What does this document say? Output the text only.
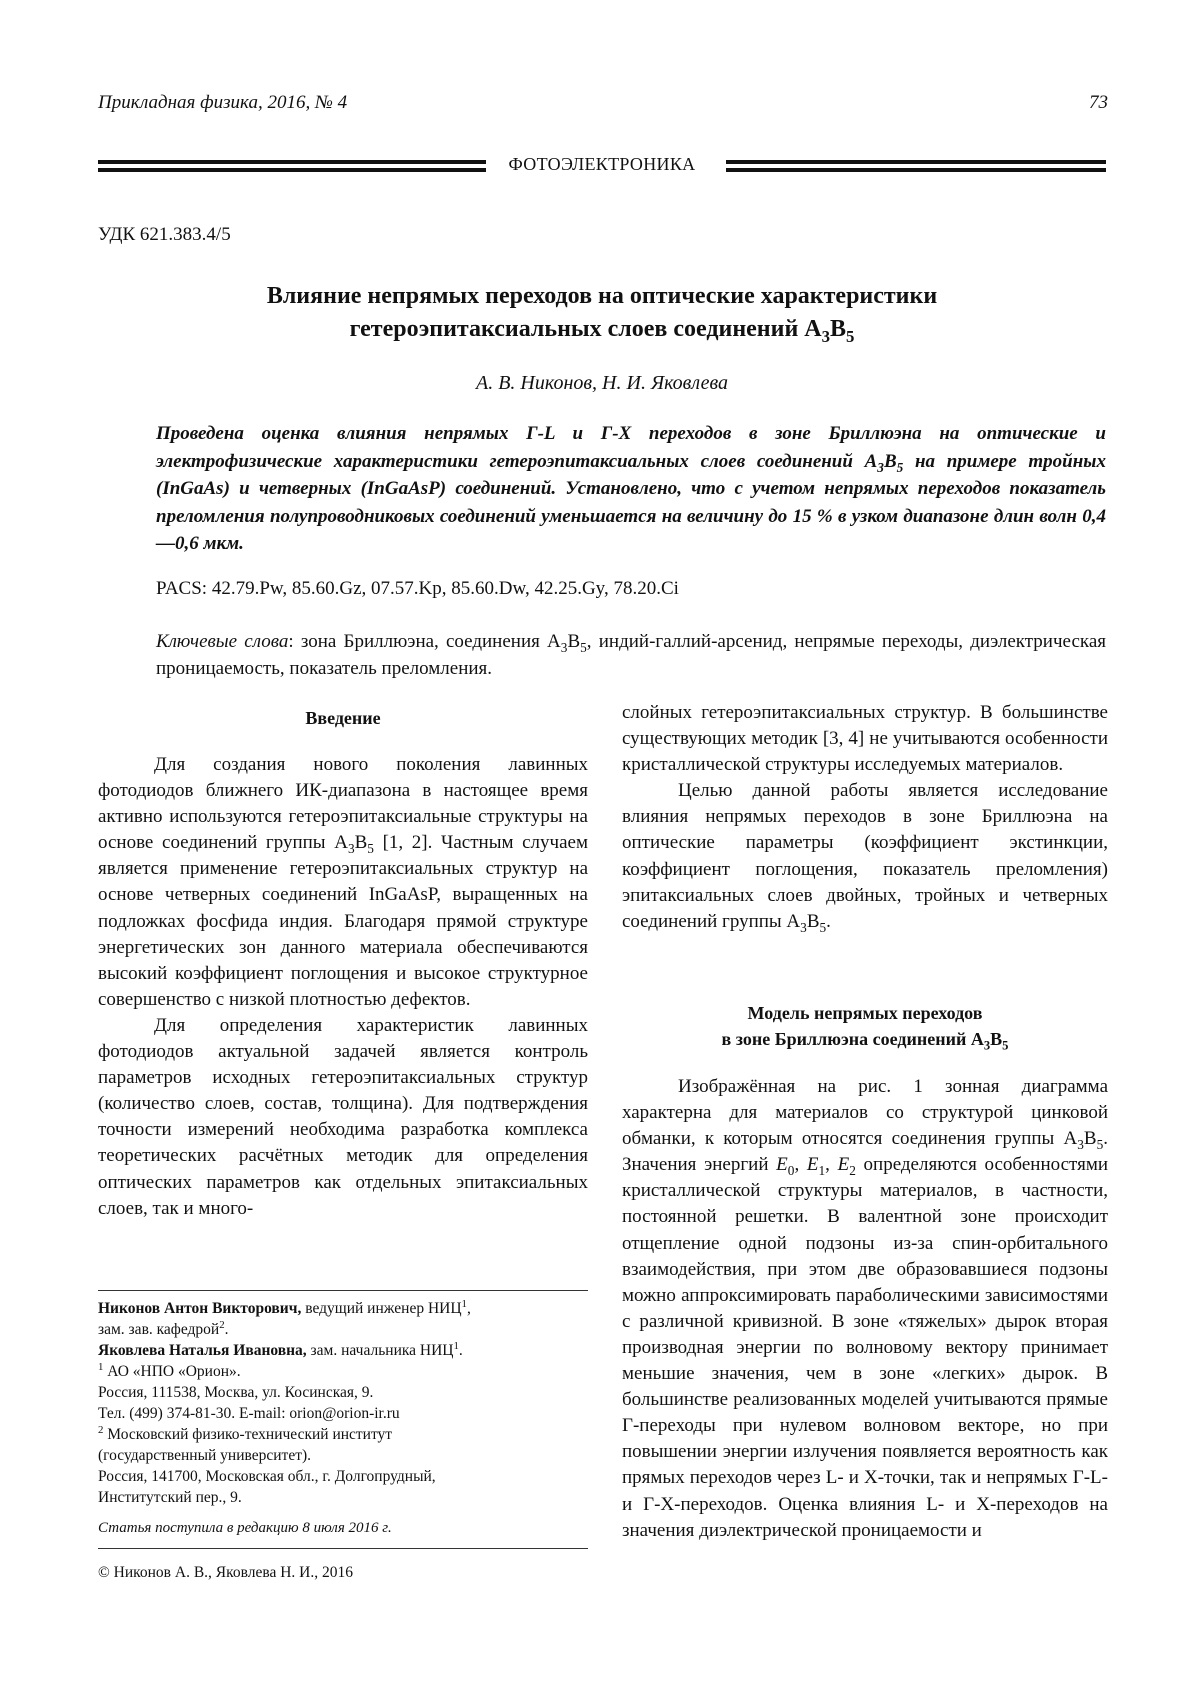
Прикладная физика, 2016, № 4	73
ФОТОЭЛЕКТРОНИКА
УДК 621.383.4/5
Влияние непрямых переходов на оптические характеристики
гетероэпитаксиальных слоев соединений $А_3В_5$
А. В. Никонов, Н. И. Яковлева
Проведена оценка влияния непрямых Г-L и Г-X переходов в зоне Бриллюэна на оптические и электрофизические характеристики гетероэпитаксиальных слоев соединений $А_3В_5$ на примере тройных (InGaAs) и четверных (InGaAsP) соединений. Установлено, что с учетом непрямых переходов показатель преломления полупроводниковых соединений уменьшается на величину до 15 % в узком диапазоне длин волн 0,4—0,6 мкм.
PACS: 42.79.Pw, 85.60.Gz, 07.57.Kp, 85.60.Dw, 42.25.Gy, 78.20.Ci
Ключевые слова: зона Бриллюэна, соединения $А_3В_5$, индий-галлий-арсенид, непрямые переходы, диэлектрическая проницаемость, показатель преломления.
Введение

Для создания нового поколения лавинных фотодиодов ближнего ИК-диапазона в настоящее время активно используются гетероэпитаксиальные структуры на основе соединений группы $А_3В_5$ [1, 2]. Частным случаем является применение гетероэпитаксиальных структур на основе четверных соединений InGaAsP, выращенных на подложках фосфида индия. Благодаря прямой структуре энергетических зон данного материала обеспечиваются высокий коэффициент поглощения и высокое структурное совершенство с низкой плотностью дефектов.

Для определения характеристик лавинных фотодиодов актуальной задачей является контроль параметров исходных гетероэпитаксиальных структур (количество слоев, состав, толщина). Для подтверждения точности измерений необходима разработка комплекса теоретических расчётных методик для определения оптических параметров как отдельных эпитаксиальных слоев, так и много-

Никонов Антон Викторович, ведущий инженер НИЦ$^1$,
зам. зав. кафедрой$^2$.
Яковлева Наталья Ивановна, зам. начальника НИЦ$^1$.
$^1$ АО «НПО «Орион».
Россия, 111538, Москва, ул. Косинская, 9.
Тел. (499) 374-81-30. E-mail: orion@orion-ir.ru
$^2$ Московский физико-технический институт
(государственный университет).
Россия, 141700, Московская обл., г. Долгопрудный,
Институтский пер., 9.
Статья поступила в редакцию 8 июля 2016 г.
© Никонов А. В., Яковлева Н. И., 2016

слойных гетероэпитаксиальных структур. В большинстве существующих методик [3, 4] не учитываются особенности кристаллической структуры исследуемых материалов.

Целью данной работы является исследование влияния непрямых переходов в зоне Бриллюэна на оптические параметры (коэффициент экстинкции, коэффициент поглощения, показатель преломления) эпитаксиальных слоев двойных, тройных и четверных соединений группы $А_3В_5$.

Модель непрямых переходов
в зоне Бриллюэна соединений $А_3В_5$

Изображённая на рис. 1 зонная диаграмма характерна для материалов со структурой цинковой обманки, к которым относятся соединения группы $А_3В_5$. Значения энергий $E_0$, $E_1$, $E_2$ определяются особенностями кристаллической структуры материалов, в частности, постоянной решетки. В валентной зоне происходит отщепление одной подзоны из-за спин-орбитального взаимодействия, при этом две образовавшиеся подзоны можно аппроксимировать параболическими зависимостями с различной кривизной. В зоне «тяжелых» дырок вторая производная энергии по волновому вектору принимает меньшие значения, чем в зоне «легких» дырок. В большинстве реализованных моделей учитываются прямые Г-переходы при нулевом волновом векторе, но при повышении энергии излучения появляется вероятность как прямых переходов через L- и X-точки, так и непрямых Г-L- и Г-X-переходов. Оценка влияния L- и X-переходов на значения диэлектрической проницаемости и
